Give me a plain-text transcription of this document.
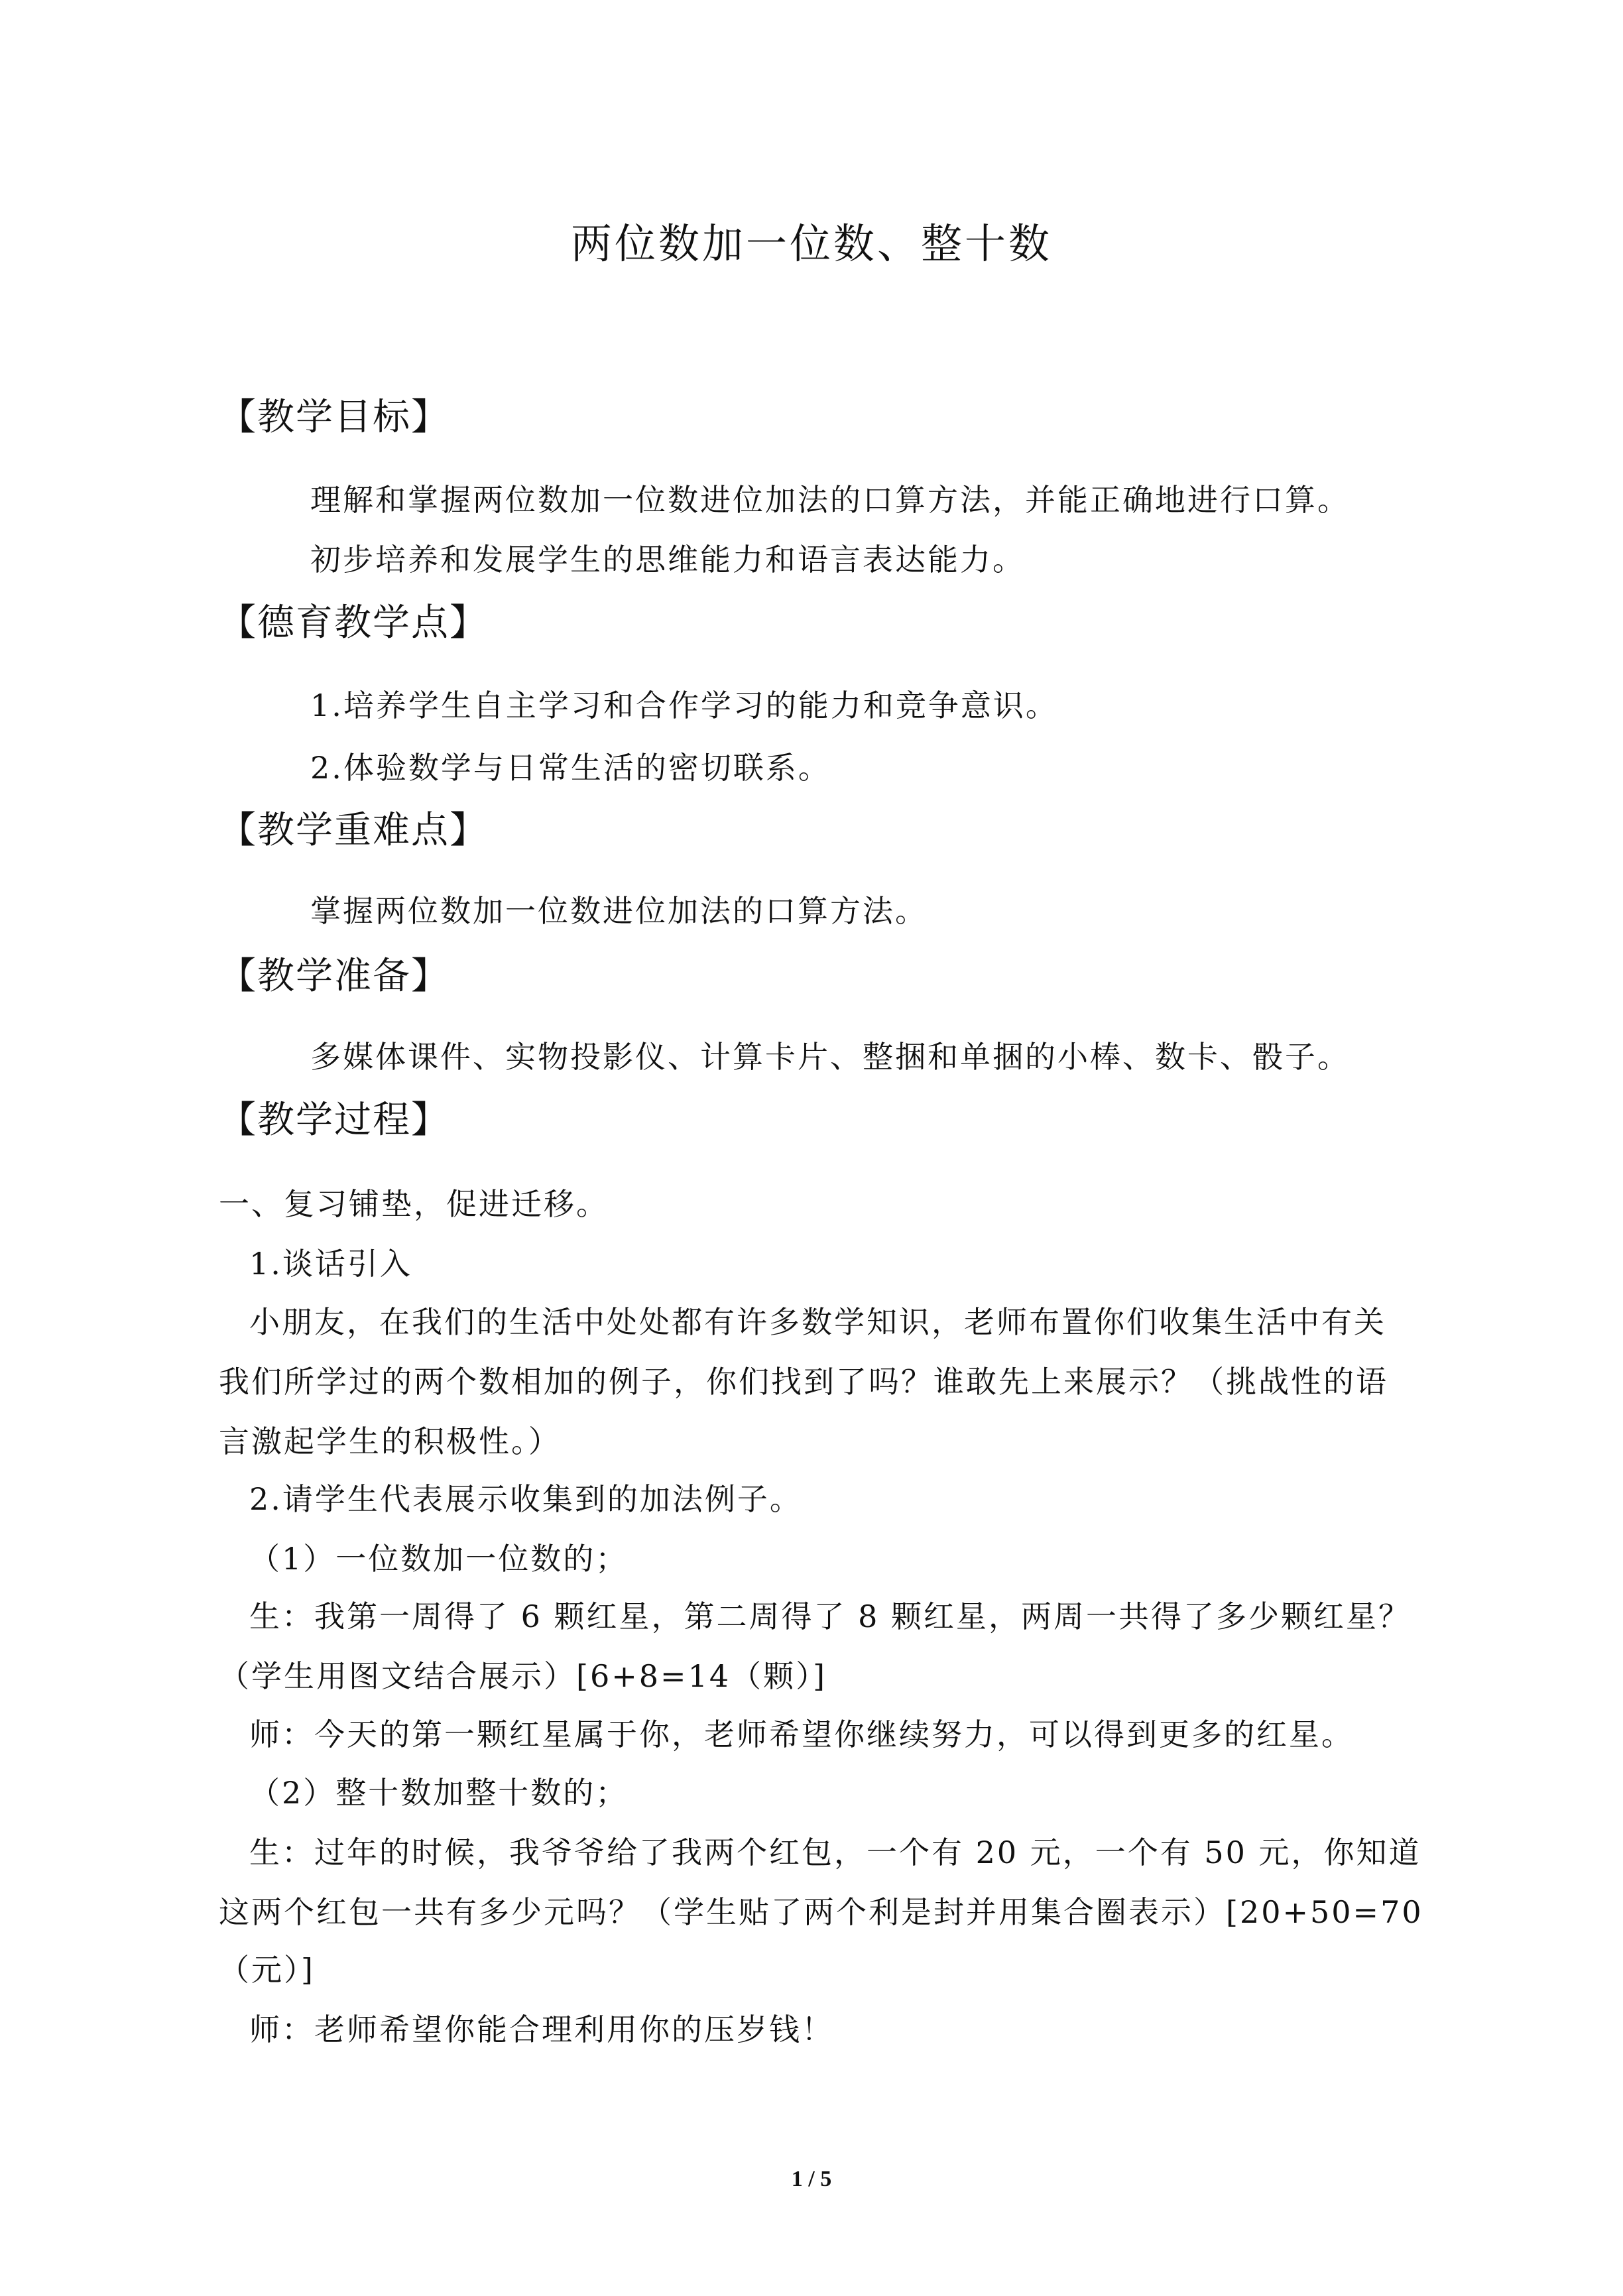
两位数加一位数、整十数
【教学目标】
理解和掌握两位数加一位数进位加法的口算方法，并能正确地进行口算。
初步培养和发展学生的思维能力和语言表达能力。
【德育教学点】
1.培养学生自主学习和合作学习的能力和竞争意识。
2.体验数学与日常生活的密切联系。
【教学重难点】
掌握两位数加一位数进位加法的口算方法。
【教学准备】
多媒体课件、实物投影仪、计算卡片、整捆和单捆的小棒、数卡、骰子。
【教学过程】
一、复习铺垫，促进迁移。
1.谈话引入
小朋友，在我们的生活中处处都有许多数学知识，老师布置你们收集生活中有关
我们所学过的两个数相加的例子，你们找到了吗？谁敢先上来展示？（挑战性的语
言激起学生的积极性。）
2.请学生代表展示收集到的加法例子。
（1）一位数加一位数的；
生：我第一周得了 6 颗红星，第二周得了 8 颗红星，两周一共得了多少颗红星？
（学生用图文结合展示）[6+8=14（颗）]
师：今天的第一颗红星属于你，老师希望你继续努力，可以得到更多的红星。
（2）整十数加整十数的；
生：过年的时候，我爷爷给了我两个红包，一个有 20 元，一个有 50 元，你知道
这两个红包一共有多少元吗？（学生贴了两个利是封并用集合圈表示）[20+50=70
（元）]
师：老师希望你能合理利用你的压岁钱！
1 / 5
